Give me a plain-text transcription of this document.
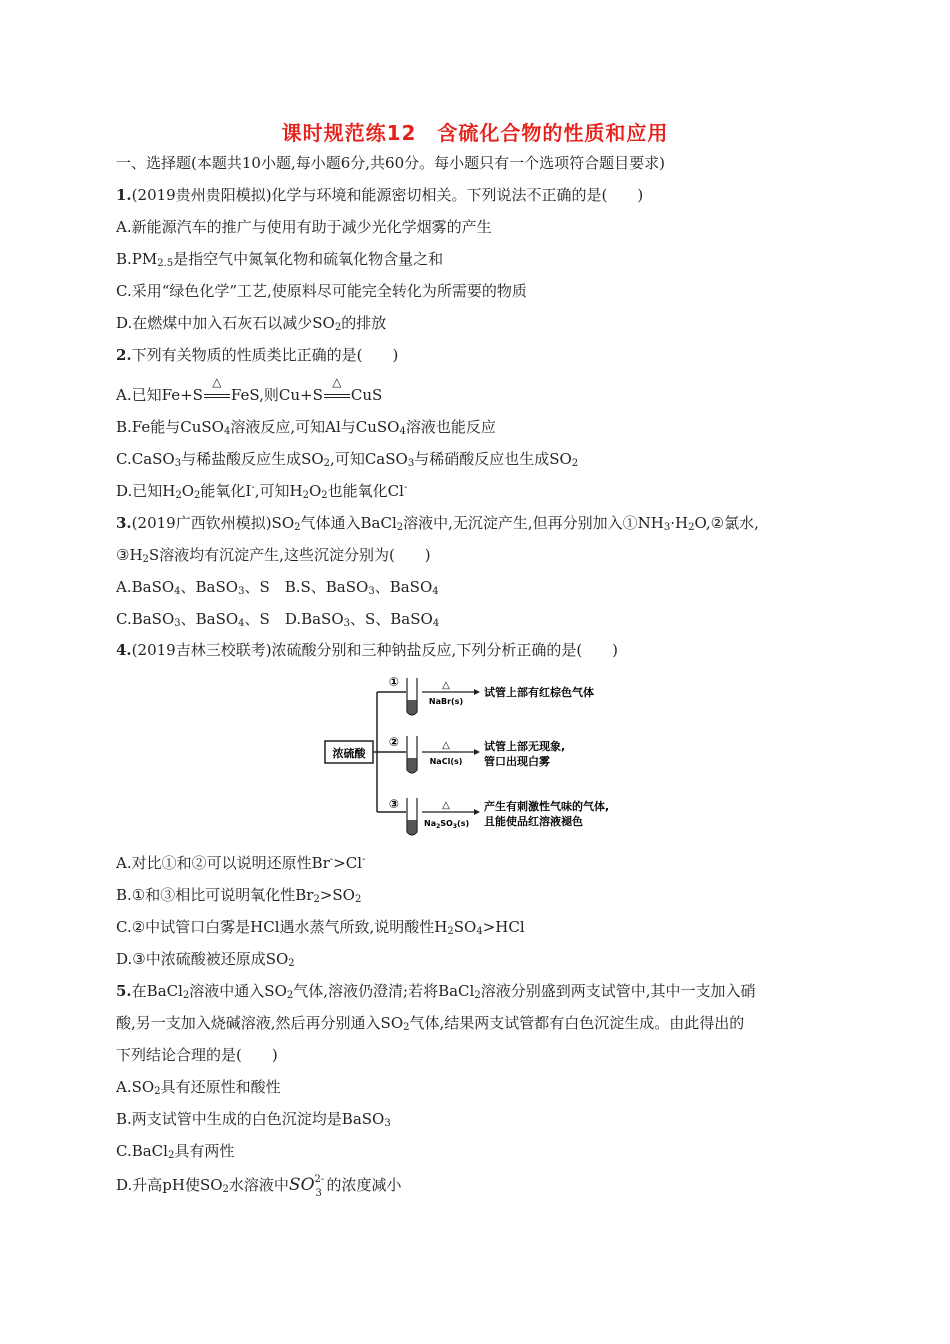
课时规范练12　含硫化合物的性质和应用
一、选择题(本题共10小题,每小题6分,共60分。每小题只有一个选项符合题目要求)
1.(2019贵州贵阳模拟)化学与环境和能源密切相关。下列说法不正确的是(　　)
A.新能源汽车的推广与使用有助于减少光化学烟雾的产生
$B.PM_{2.5}$是指空气中氮氧化物和硫氧化物含量之和
C.采用“绿色化学”工艺,使原料尽可能完全转化为所需要的物质
D.在燃煤中加入石灰石以减少$SO_2$的排放
2.下列有关物质的性质类比正确的是(　　)
A.已知Fe+S
△
FeS,则Cu+S
△
CuS
B.Fe能与CuSO$_4$溶液反应,可知Al与CuSO$_4$溶液也能反应
C.CaSO$_3$与稀盐酸反应生成$SO_2$,可知CaSO$_3$与稀硝酸反应也生成$SO_2$
D.已知$H_2O_2$能氧化I-,可知$H_2O_2$也能氧化Cl-
3.(2019广西钦州模拟)$SO_2$气体通入BaCl$_2$溶液中,无沉淀产生,但再分别加入$①NH_3\cdot H_2O,②$氯水,
$③H_2S$溶液均有沉淀产生,这些沉淀分别为(　　)
A.BaSO$_4$、BaSO$_3$、S　B.S、BaSO$_3$、BaSO$_4$
C.BaSO$_3$、BaSO$_4$、S　D.BaSO$_3$、S、BaSO$_4$
4.(2019吉林三校联考)浓硫酸分别和三种钠盐反应,下列分析正确的是(　　)
浓硫酸
①	△
NaBr(s)
试管上部有红棕色气体
②	△
NaCl(s)
试管上部无现象,
管口出现白雾
③	△
$Na_2SO_3(s)$
产生有刺激性气味的气体,
且能使品红溶液褪色
A.对比①和②可以说明还原性Br->Cl-
B.①和③相比可说明氧化性$Br_2>SO_2$
C.②中试管口白雾是HCl遇水蒸气所致,说明酸性$H_2SO_4>HCl$
D.③中浓硫酸被还原成$SO_2$
5.在BaCl$_2$溶液中通入$SO_2$气体,溶液仍澄清;若将BaCl$_2$溶液分别盛到两支试管中,其中一支加入硝
酸,另一支加入烧碱溶液,然后再分别通入$SO_2$气体,结果两支试管都有白色沉淀生成。由此得出的
下列结论合理的是(　　)
$A.SO_2$具有还原性和酸性
B.两支试管中生成的白色沉淀均是BaSO$_3$
C.BaCl$_2$具有两性
D.升高pH使$SO_2$水溶液中SO 2-
3 的浓度减小
